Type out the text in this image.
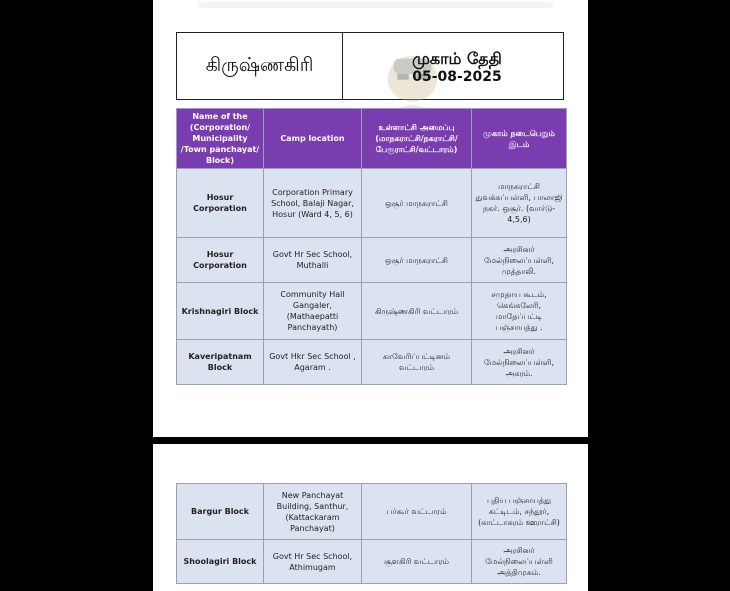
கிருஷ்ணகிரி	முகாம் தேதி
05-08-2025
Name of the (Corporation/ Municipality /Town panchayat/ Block)	Camp location	உள்ளாட்சி அமைப்பு (மாநகராட்சி/நகராட்சி/ பேரூராட்சி/வட்டாரம்)	முகாம் நடைபெறும் இடம்
Hosur Corporation	Corporation Primary School, Balaji Nagar, Hosur (Ward 4, 5, 6)	ஒசூர் மாநகராட்சி	மாநகராட்சி துவக்கப்பள்ளி, பாலாஜி நகர். ஒசூர். (வார்டு- 4,5,6)
Hosur Corporation	Govt Hr Sec School, Muthalli	ஒசூர் மாநகராட்சி	அரசினர் மேல்நிலைப்பள்ளி, முத்தாலி.
Krishnagiri Block	Community Hall Gangaler, (Mathaepatti Panchayath)	கிருஷ்ணகிரி வட்டாரம்	சமுதாய கூடம், கெங்கலேரி, மாதேப்பட்டி பஞ்சாயத்து .
Kaveripatnam Block	Govt Hkr Sec School , Agaram .	காவேரிப்பட்டினம் வட்டாரம்	அரசினர் மேல்நிலைப்பள்ளி, அகரம்.
Bargur Block	New Panchayat Building, Santhur, (Kattackaram Panchayat)	பர்கூர் வட்டாரம்	புதிய பஞ்சாயத்து கட்டிடம், சந்தூர், (காட்டாகரம் ஊராட்சி)
Shoolagiri Block	Govt Hr Sec School, Athimugam	சூளகிரி வட்டாரம்	அரசினர் மேல்நிலைப்பள்ளி அத்திமுகம்.
